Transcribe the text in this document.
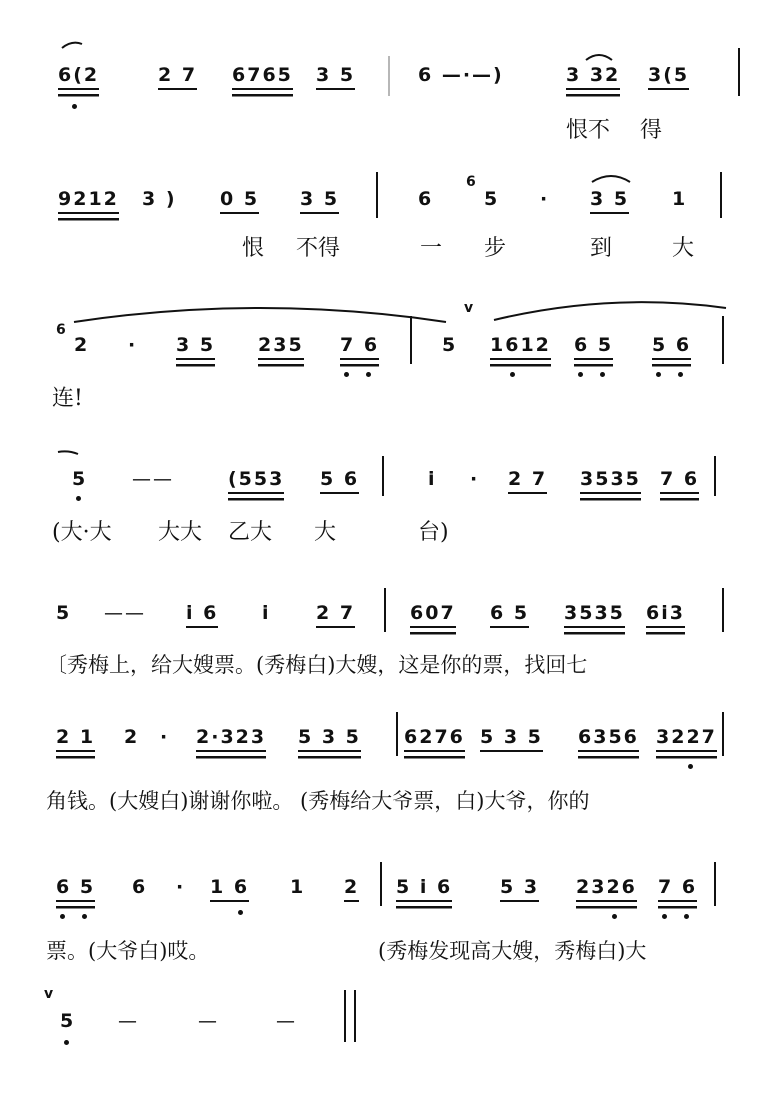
6(2	2 7 6765 3 5	6 —·—)	3 32 3(5
恨不 得
9212 3 ) 0 5 3 5	6
6
5 · 3 5 1
恨 不得	一 步	到	大
v
6
2 · 3 5 235 7 6	5 1612 6 5 5 6
连!
5 ——	(553 5 6	i · 2 7 3535 7 6
(大·大 大大 乙大 大	台)
5 —— i 6 i 2 7	607 6 5 3535 6i3
〔秀梅上，给大嫂票。(秀梅白)大嫂，这是你的票，找回七
2 1 2 · 2·323 5 3 5 6276 5 3 5 6356 3227
角钱。(大嫂白)谢谢你啦。 (秀梅给大爷票，白)大爷，你的
6 5 6 · 1 6 1 2 5 i 6	5 3 2326 7 6
票。(大爷白)哎。	(秀梅发现高大嫂，秀梅白)大
v
5 —	—	—
